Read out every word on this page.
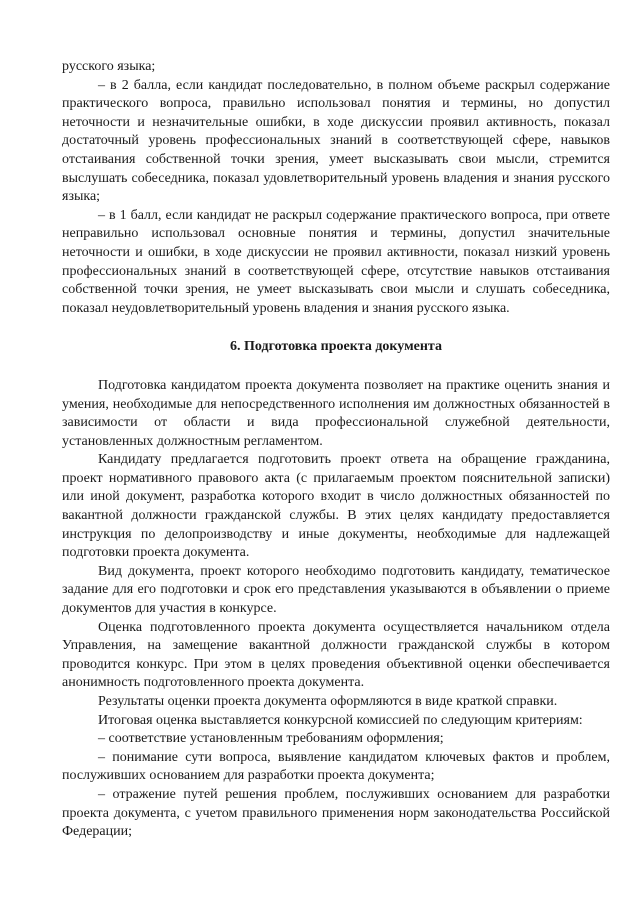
русского языка;

– в 2 балла, если кандидат последовательно, в полном объеме раскрыл содержание практического вопроса, правильно использовал понятия и термины, но допустил неточности и незначительные ошибки, в ходе дискуссии проявил активность, показал достаточный уровень профессиональных знаний в соответствующей сфере, навыков отстаивания собственной точки зрения, умеет высказывать свои мысли, стремится выслушать собеседника, показал удовлетворительный уровень владения и знания русского языка;

– в 1 балл, если кандидат не раскрыл содержание практического вопроса, при ответе неправильно использовал основные понятия и термины, допустил значительные неточности и ошибки, в ходе дискуссии не проявил активности, показал низкий уровень профессиональных знаний в соответствующей сфере, отсутствие навыков отстаивания собственной точки зрения, не умеет высказывать свои мысли и слушать собеседника, показал неудовлетворительный уровень владения и знания русского языка.

6. Подготовка проекта документа

Подготовка кандидатом проекта документа позволяет на практике оценить знания и умения, необходимые для непосредственного исполнения им должностных обязанностей в зависимости от области и вида профессиональной служебной деятельности, установленных должностным регламентом.

Кандидату предлагается подготовить проект ответа на обращение гражданина, проект нормативного правового акта (с прилагаемым проектом пояснительной записки) или иной документ, разработка которого входит в число должностных обязанностей по вакантной должности гражданской службы. В этих целях кандидату предоставляется инструкция по делопроизводству и иные документы, необходимые для надлежащей подготовки проекта документа.

Вид документа, проект которого необходимо подготовить кандидату, тематическое задание для его подготовки и срок его представления указываются в объявлении о приеме документов для участия в конкурсе.

Оценка подготовленного проекта документа осуществляется начальником отдела Управления, на замещение вакантной должности гражданской службы в котором проводится конкурс. При этом в целях проведения объективной оценки обеспечивается анонимность подготовленного проекта документа.

Результаты оценки проекта документа оформляются в виде краткой справки.

Итоговая оценка выставляется конкурсной комиссией по следующим критериям:

– соответствие установленным требованиям оформления;

– понимание сути вопроса, выявление кандидатом ключевых фактов и проблем, послуживших основанием для разработки проекта документа;

– отражение путей решения проблем, послуживших основанием для разработки проекта документа, с учетом правильного применения норм законодательства Российской Федерации;
